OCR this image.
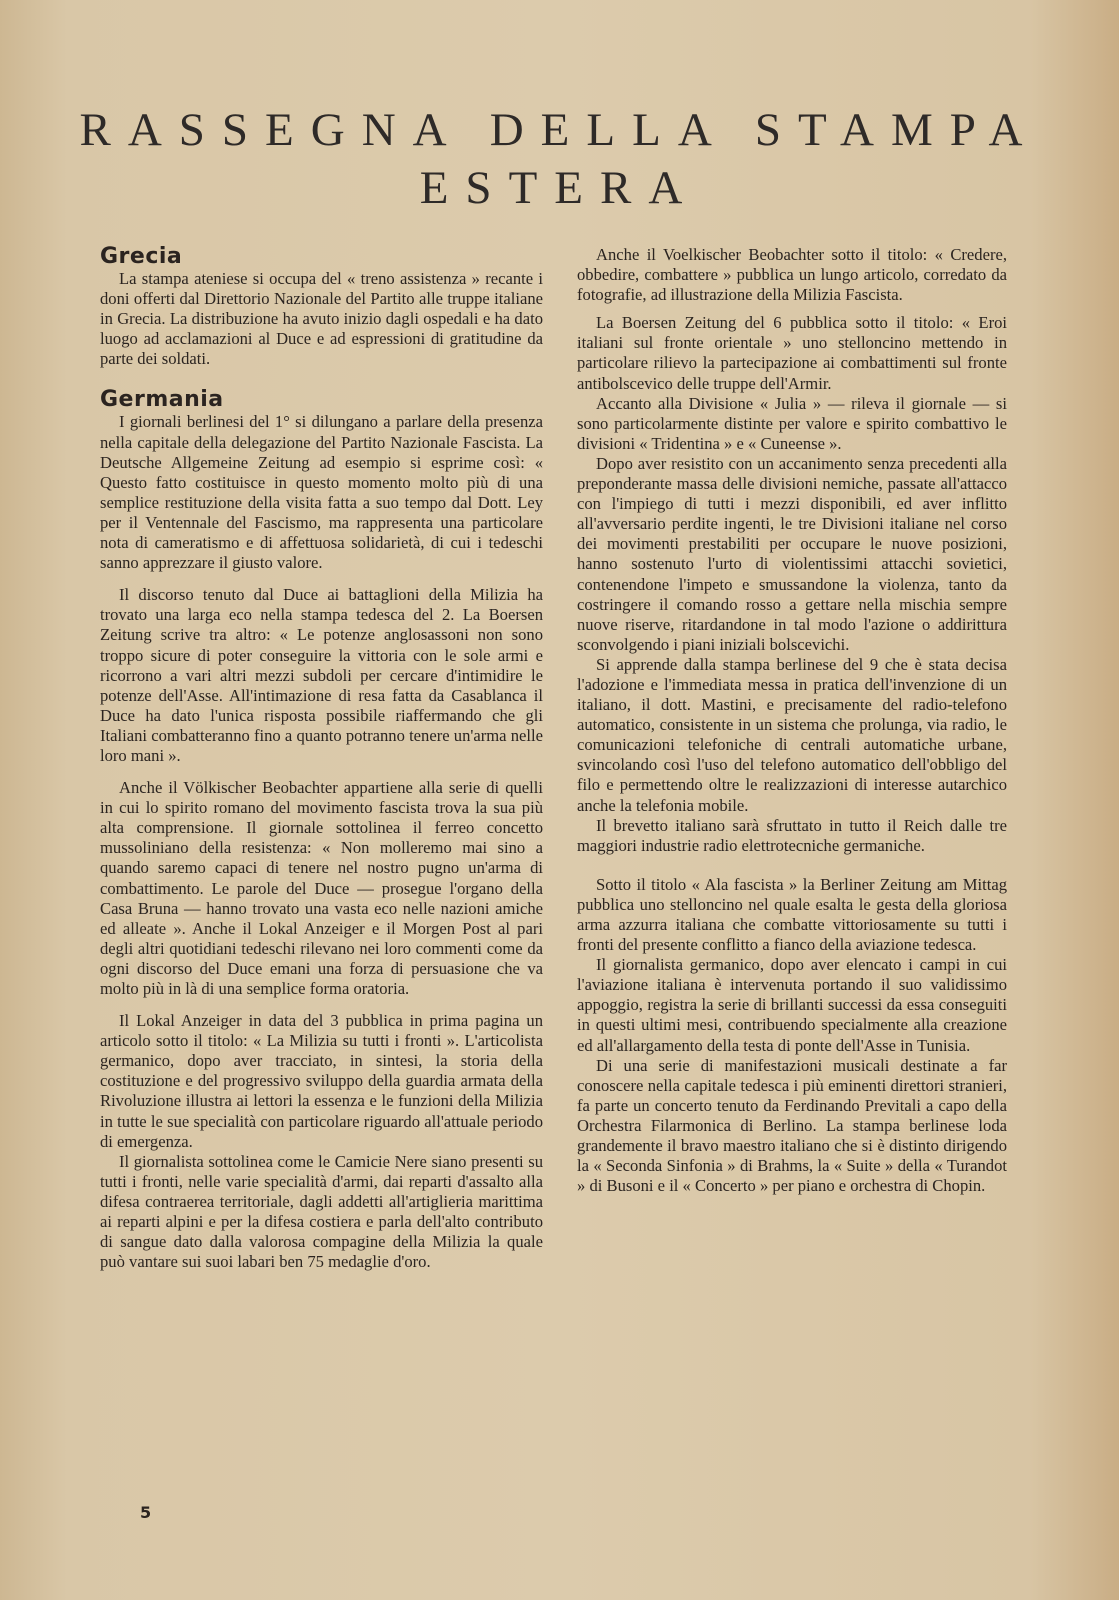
RASSEGNA DELLA STAMPA
ESTERA
Grecia

La stampa ateniese si occupa del « treno assistenza » recante i doni offerti dal Direttorio Nazionale del Partito alle truppe italiane in Grecia. La distribuzione ha avuto inizio dagli ospedali e ha dato luogo ad acclamazioni al Duce e ad espressioni di gratitudine da parte dei soldati.

Germania

I giornali berlinesi del 1° si dilungano a parlare della presenza nella capitale della delegazione del Partito Nazionale Fascista. La Deutsche Allgemeine Zeitung ad esempio si esprime così: « Questo fatto costituisce in questo momento molto più di una semplice restituzione della visita fatta a suo tempo dal Dott. Ley per il Ventennale del Fascismo, ma rappresenta una particolare nota di cameratismo e di affettuosa solidarietà, di cui i tedeschi sanno apprezzare il giusto valore.

Il discorso tenuto dal Duce ai battaglioni della Milizia ha trovato una larga eco nella stampa tedesca del 2. La Boersen Zeitung scrive tra altro: « Le potenze anglosassoni non sono troppo sicure di poter conseguire la vittoria con le sole armi e ricorrono a vari altri mezzi subdoli per cercare d'intimidire le potenze dell'Asse. All'intimazione di resa fatta da Casablanca il Duce ha dato l'unica risposta possibile riaffermando che gli Italiani combatteranno fino a quanto potranno tenere un'arma nelle loro mani ».

Anche il Völkischer Beobachter appartiene alla serie di quelli in cui lo spirito romano del movimento fascista trova la sua più alta comprensione. Il giornale sottolinea il ferreo concetto mussoliniano della resistenza: « Non molleremo mai sino a quando saremo capaci di tenere nel nostro pugno un'arma di combattimento. Le parole del Duce — prosegue l'organo della Casa Bruna — hanno trovato una vasta eco nelle nazioni amiche ed alleate ». Anche il Lokal Anzeiger e il Morgen Post al pari degli altri quotidiani tedeschi rilevano nei loro commenti come da ogni discorso del Duce emani una forza di persuasione che va molto più in là di una semplice forma oratoria.

Il Lokal Anzeiger in data del 3 pubblica in prima pagina un articolo sotto il titolo: « La Milizia su tutti i fronti ». L'articolista germanico, dopo aver tracciato, in sintesi, la storia della costituzione e del progressivo sviluppo della guardia armata della Rivoluzione illustra ai lettori la essenza e le funzioni della Milizia in tutte le sue specialità con particolare riguardo all'attuale periodo di emergenza.

Il giornalista sottolinea come le Camicie Nere siano presenti su tutti i fronti, nelle varie specialità d'armi, dai reparti d'assalto alla difesa contraerea territoriale, dagli addetti all'artiglieria marittima ai reparti alpini e per la difesa costiera e parla dell'alto contributo di sangue dato dalla valorosa compagine della Milizia la quale può vantare sui suoi labari ben 75 medaglie d'oro.

Anche il Voelkischer Beobachter sotto il titolo: « Credere, obbedire, combattere » pubblica un lungo articolo, corredato da fotografie, ad illustrazione della Milizia Fascista.

La Boersen Zeitung del 6 pubblica sotto il titolo: « Eroi italiani sul fronte orientale » uno stelloncino mettendo in particolare rilievo la partecipazione ai combattimenti sul fronte antibolscevico delle truppe dell'Armir.

Accanto alla Divisione « Julia » — rileva il giornale — si sono particolarmente distinte per valore e spirito combattivo le divisioni « Tridentina » e « Cuneense ».

Dopo aver resistito con un accanimento senza precedenti alla preponderante massa delle divisioni nemiche, passate all'attacco con l'impiego di tutti i mezzi disponibili, ed aver inflitto all'avversario perdite ingenti, le tre Divisioni italiane nel corso dei movimenti prestabiliti per occupare le nuove posizioni, hanno sostenuto l'urto di violentissimi attacchi sovietici, contenendone l'impeto e smussandone la violenza, tanto da costringere il comando rosso a gettare nella mischia sempre nuove riserve, ritardandone in tal modo l'azione o addirittura sconvolgendo i piani iniziali bolscevichi.

Si apprende dalla stampa berlinese del 9 che è stata decisa l'adozione e l'immediata messa in pratica dell'invenzione di un italiano, il dott. Mastini, e precisamente del radio-telefono automatico, consistente in un sistema che prolunga, via radio, le comunicazioni telefoniche di centrali automatiche urbane, svincolando così l'uso del telefono automatico dell'obbligo del filo e permettendo oltre le realizzazioni di interesse autarchico anche la telefonia mobile.

Il brevetto italiano sarà sfruttato in tutto il Reich dalle tre maggiori industrie radio elettrotecniche germaniche.

Sotto il titolo « Ala fascista » la Berliner Zeitung am Mittag pubblica uno stelloncino nel quale esalta le gesta della gloriosa arma azzurra italiana che combatte vittoriosamente su tutti i fronti del presente conflitto a fianco della aviazione tedesca.

Il giornalista germanico, dopo aver elencato i campi in cui l'aviazione italiana è intervenuta portando il suo validissimo appoggio, registra la serie di brillanti successi da essa conseguiti in questi ultimi mesi, contribuendo specialmente alla creazione ed all'allargamento della testa di ponte dell'Asse in Tunisia.

Di una serie di manifestazioni musicali destinate a far conoscere nella capitale tedesca i più eminenti direttori stranieri, fa parte un concerto tenuto da Ferdinando Previtali a capo della Orchestra Filarmonica di Berlino. La stampa berlinese loda grandemente il bravo maestro italiano che si è distinto dirigendo la « Seconda Sinfonia » di Brahms, la « Suite » della « Turandot » di Busoni e il « Concerto » per piano e orchestra di Chopin.

5
